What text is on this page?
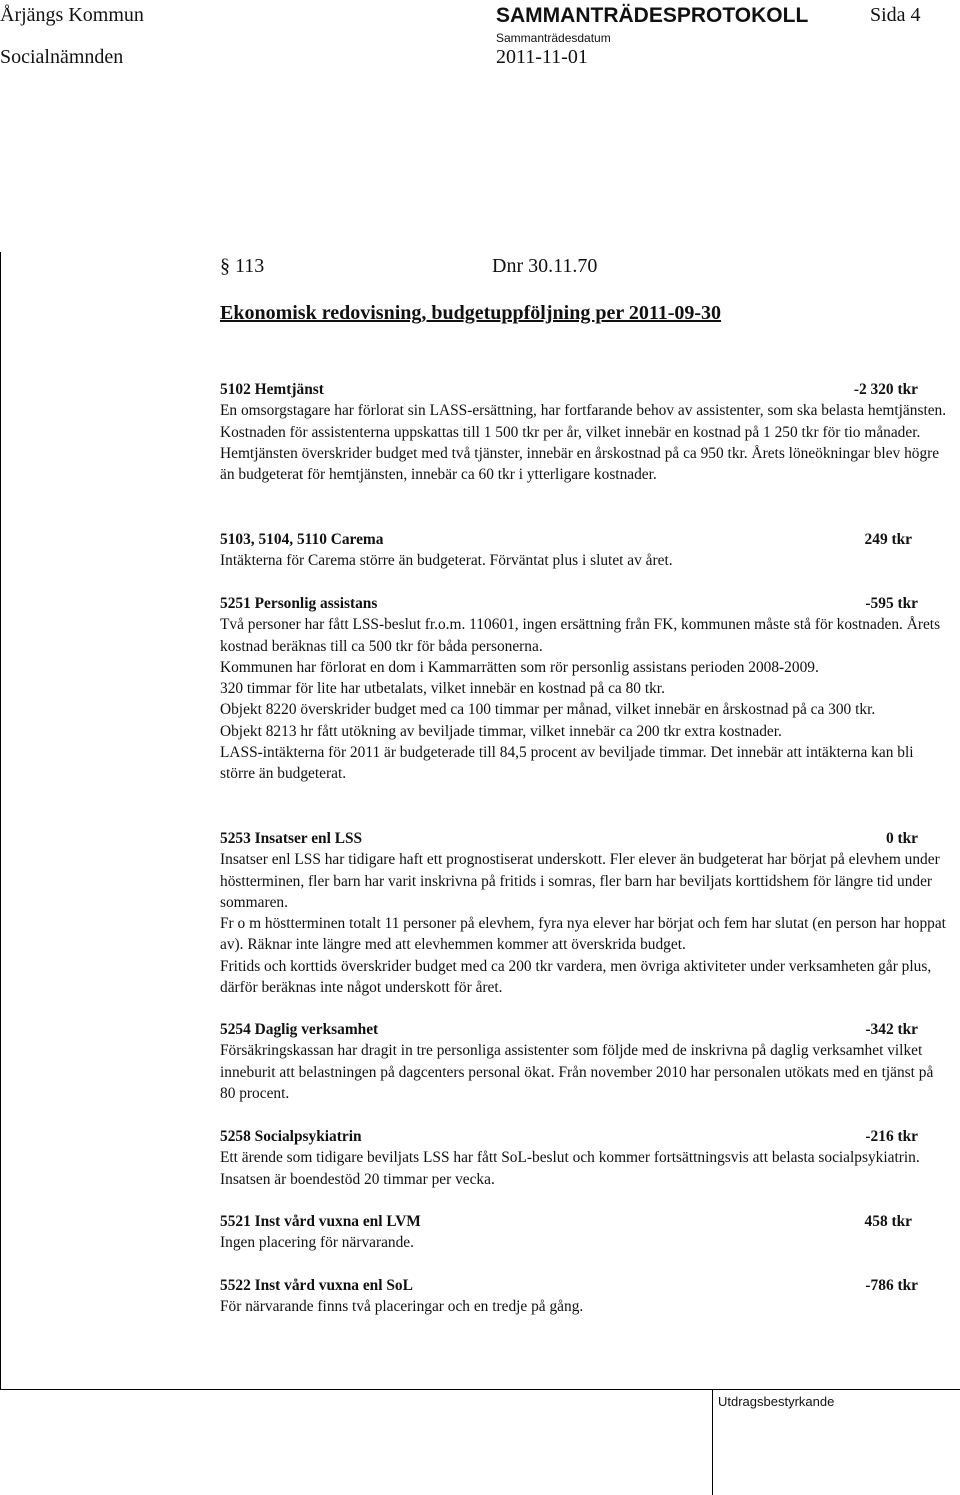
Årjängs Kommun	SAMMANTRÄDESPROTOKOLL	Sida 4
Socialnämnden
Sammanträdesdatum
2011-11-01
§ 113	Dnr 30.11.70
Ekonomisk redovisning, budgetuppföljning per 2011-09-30
5102 Hemtjänst	-2 320 tkr

En omsorgstagare har förlorat sin LASS-ersättning, har fortfarande behov av assistenter, som ska belasta hemtjänsten. Kostnaden för assistenterna uppskattas till 1 500 tkr per år, vilket innebär en kostnad på 1 250 tkr för tio månader.

Hemtjänsten överskrider budget med två tjänster, innebär en årskostnad på ca 950 tkr. Årets löneökningar blev högre än budgeterat för hemtjänsten, innebär ca 60 tkr i ytterligare kostnader.

5103, 5104, 5110 Carema	249 tkr

Intäkterna för Carema större än budgeterat. Förväntat plus i slutet av året.

5251 Personlig assistans	-595 tkr

Två personer har fått LSS-beslut fr.o.m. 110601, ingen ersättning från FK, kommunen måste stå för kostnaden. Årets kostnad beräknas till ca 500 tkr för båda personerna.

Kommunen har förlorat en dom i Kammarrätten som rör personlig assistans perioden 2008-2009.

320 timmar för lite har utbetalats, vilket innebär en kostnad på ca 80 tkr.

Objekt 8220 överskrider budget med ca 100 timmar per månad, vilket innebär en årskostnad på ca 300 tkr.

Objekt 8213 hr fått utökning av beviljade timmar, vilket innebär ca 200 tkr extra kostnader.

LASS-intäkterna för 2011 är budgeterade till 84,5 procent av beviljade timmar. Det innebär att intäkterna kan bli större än budgeterat.

5253 Insatser enl LSS	0 tkr

Insatser enl LSS har tidigare haft ett prognostiserat underskott. Fler elever än budgeterat har börjat på elevhem under höstterminen, fler barn har varit inskrivna på fritids i somras, fler barn har beviljats korttidshem för längre tid under sommaren.

Fr o m höstterminen totalt 11 personer på elevhem, fyra nya elever har börjat och fem har slutat (en person har hoppat av). Räknar inte längre med att elevhemmen kommer att överskrida budget.

Fritids och korttids överskrider budget med ca 200 tkr vardera, men övriga aktiviteter under verksamheten går plus, därför beräknas inte något underskott för året.

5254 Daglig verksamhet	-342 tkr

Försäkringskassan har dragit in tre personliga assistenter som följde med de inskrivna på daglig verksamhet vilket inneburit att belastningen på dagcenters personal ökat. Från november 2010 har personalen utökats med en tjänst på 80 procent.

5258 Socialpsykiatrin	-216 tkr

Ett ärende som tidigare beviljats LSS har fått SoL-beslut och kommer fortsättningsvis att belasta socialpsykiatrin. Insatsen är boendestöd 20 timmar per vecka.

5521 Inst vård vuxna enl LVM	458 tkr

Ingen placering för närvarande.

5522 Inst vård vuxna enl SoL	-786 tkr

För närvarande finns två placeringar och en tredje på gång.

Utdragsbestyrkande
